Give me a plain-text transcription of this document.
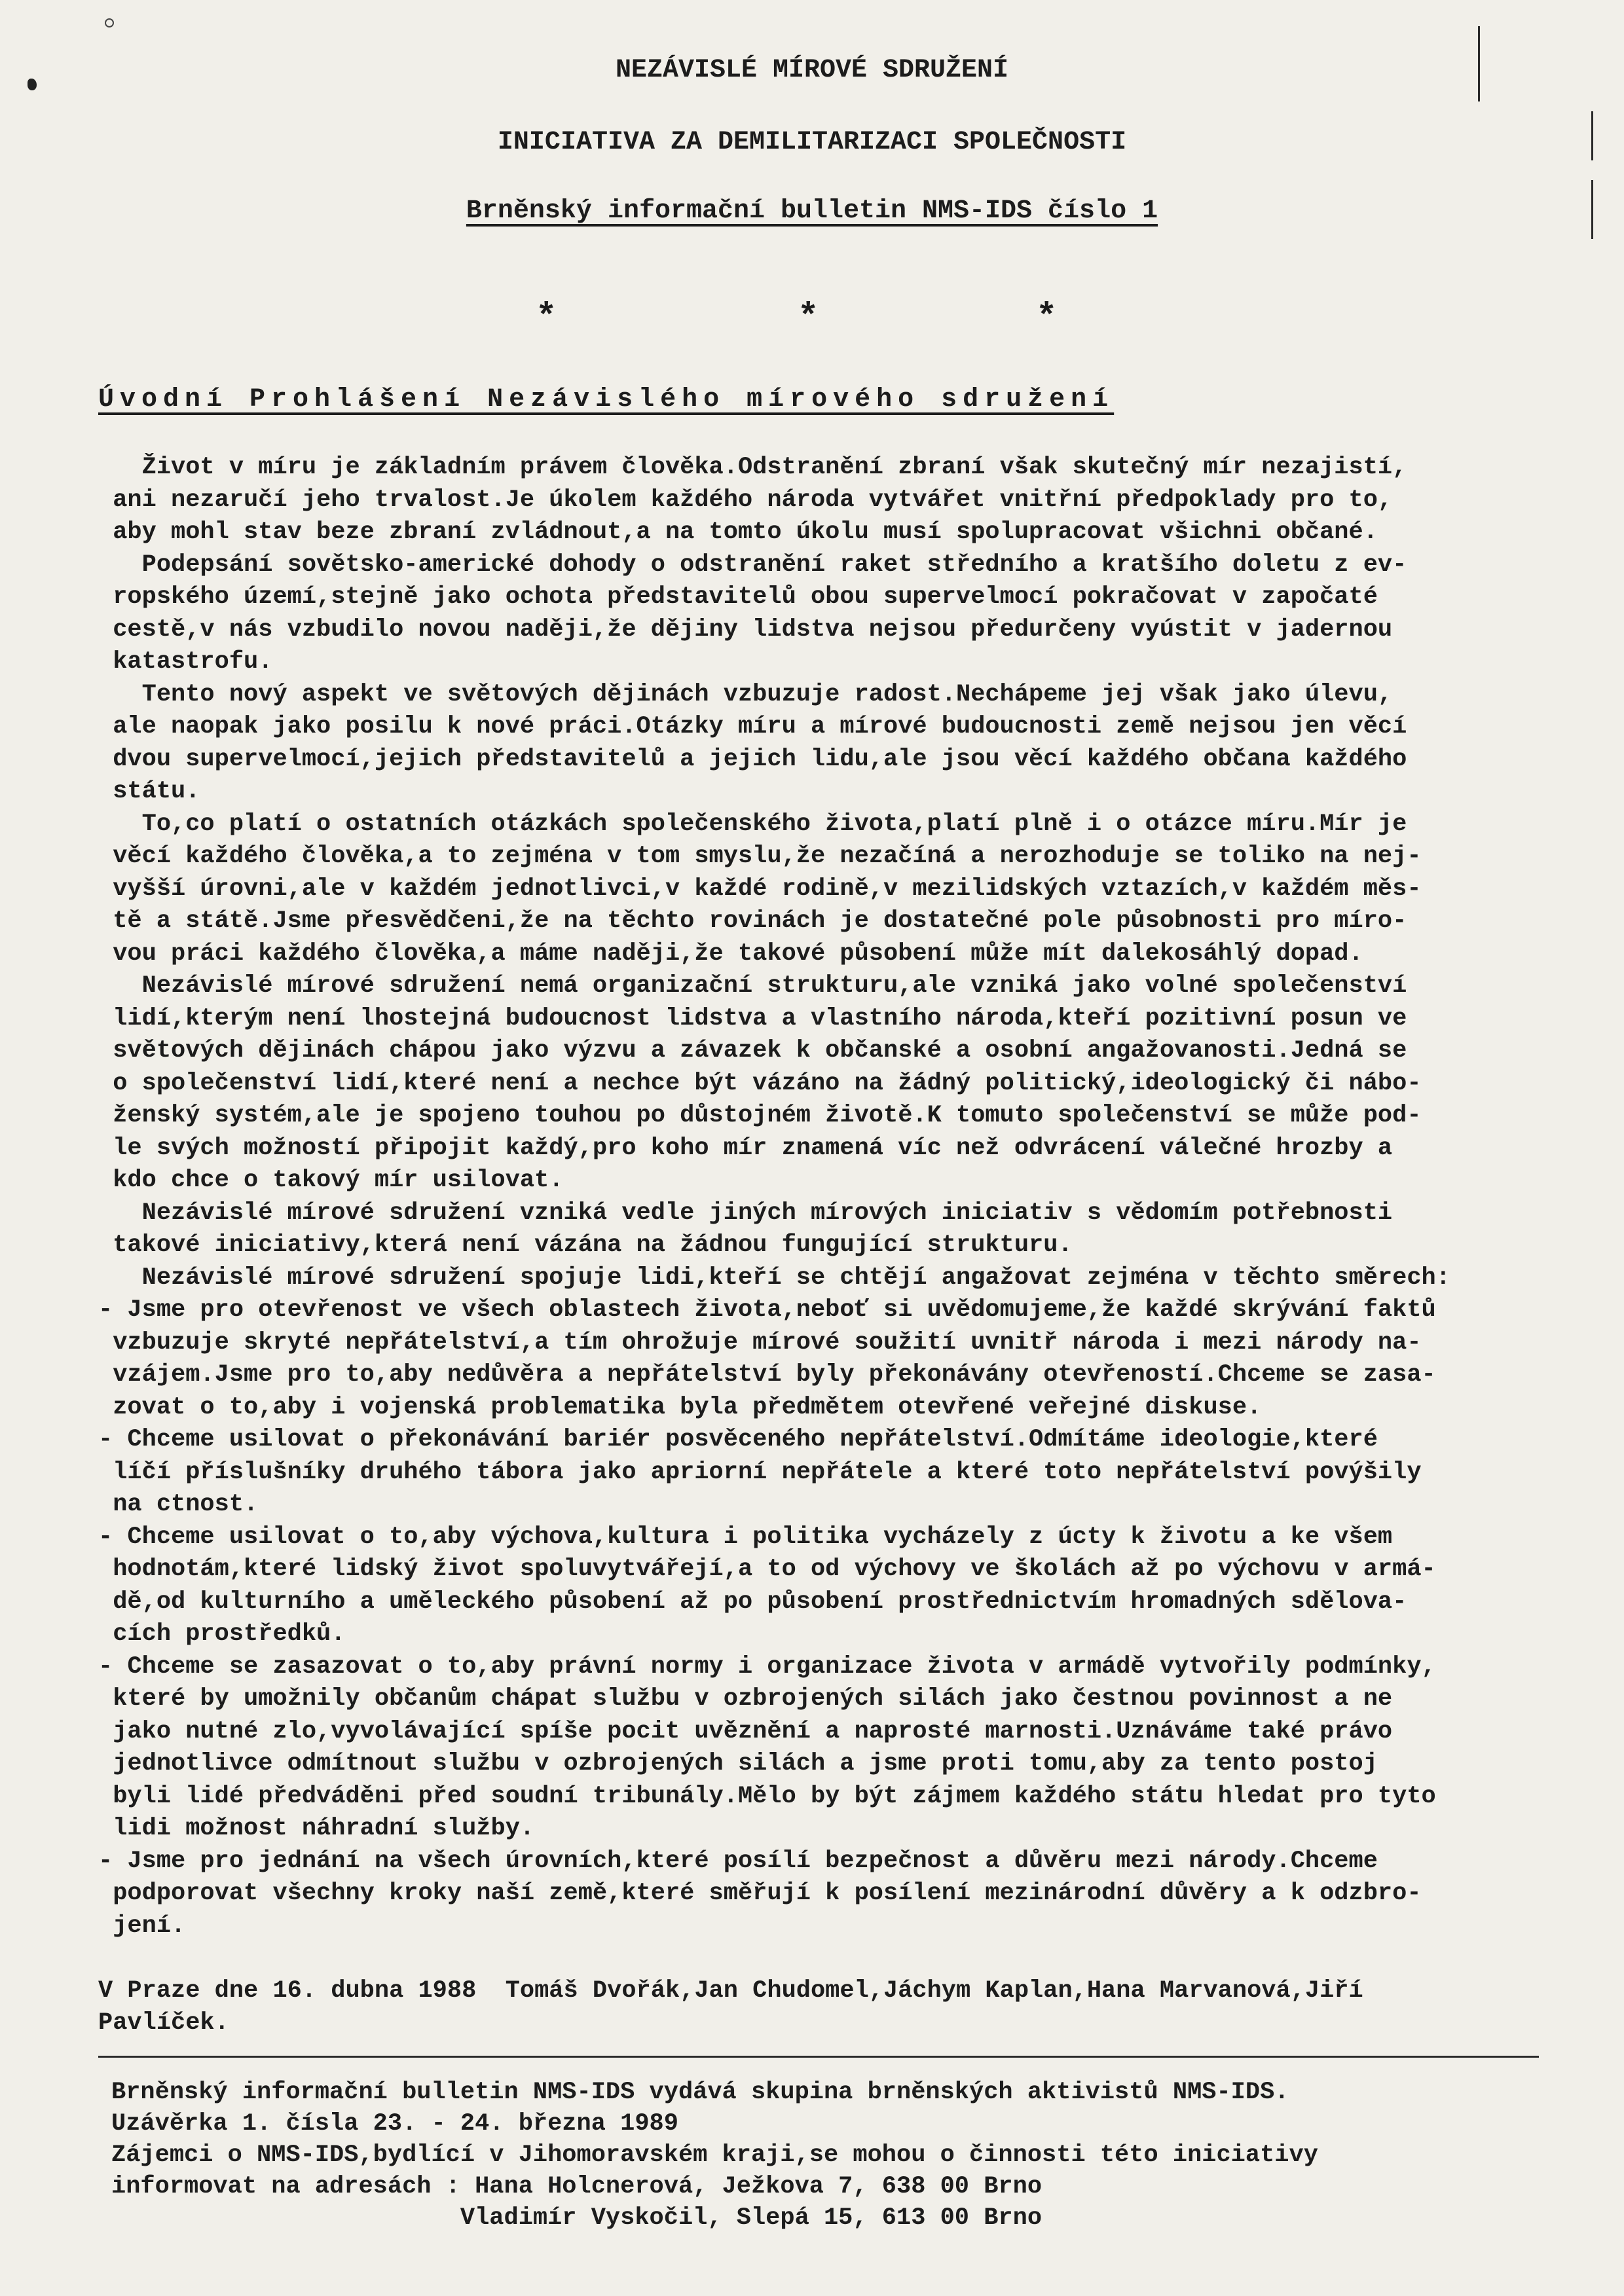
NEZÁVISLÉ MÍROVÉ SDRUŽENÍ
INICIATIVA ZA DEMILITARIZACI SPOLEČNOSTI
Brněnský informační bulletin NMS-IDS číslo 1
*	*	*
Úvodní Prohlášení Nezávislého mírového sdružení
Život v míru je základním právem člověka.Odstranění zbraní však skutečný mír nezajistí,
ani nezaručí jeho trvalost.Je úkolem každého národa vytvářet vnitřní předpoklady pro to,
aby mohl stav beze zbraní zvládnout,a na tomto úkolu musí spolupracovat všichni občané.
Podepsání sovětsko-americké dohody o odstranění raket středního a kratšího doletu z ev-
ropského území,stejně jako ochota představitelů obou supervelmocí pokračovat v započaté
cestě,v nás vzbudilo novou naději,že dějiny lidstva nejsou předurčeny vyústit v jadernou
katastrofu.
Tento nový aspekt ve světových dějinách vzbuzuje radost.Nechápeme jej však jako úlevu,
ale naopak jako posilu k nové práci.Otázky míru a mírové budoucnosti země nejsou jen věcí
dvou supervelmocí,jejich představitelů a jejich lidu,ale jsou věcí každého občana každého
státu.
To,co platí o ostatních otázkách společenského života,platí plně i o otázce míru.Mír je
věcí každého člověka,a to zejména v tom smyslu,že nezačíná a nerozhoduje se toliko na nej-
vyšší úrovni,ale v každém jednotlivci,v každé rodině,v mezilidských vztazích,v každém měs-
tě a státě.Jsme přesvědčeni,že na těchto rovinách je dostatečné pole působnosti pro míro-
vou práci každého člověka,a máme naději,že takové působení může mít dalekosáhlý dopad.
Nezávislé mírové sdružení nemá organizační strukturu,ale vzniká jako volné společenství
lidí,kterým není lhostejná budoucnost lidstva a vlastního národa,kteří pozitivní posun ve
světových dějinách chápou jako výzvu a závazek k občanské a osobní angažovanosti.Jedná se
o společenství lidí,které není a nechce být vázáno na žádný politický,ideologický či nábo-
ženský systém,ale je spojeno touhou po důstojném životě.K tomuto společenství se může pod-
le svých možností připojit každý,pro koho mír znamená víc než odvrácení válečné hrozby a
kdo chce o takový mír usilovat.
Nezávislé mírové sdružení vzniká vedle jiných mírových iniciativ s vědomím potřebnosti
takové iniciativy,která není vázána na žádnou fungující strukturu.
Nezávislé mírové sdružení spojuje lidi,kteří se chtějí angažovat zejména v těchto směrech:
- Jsme pro otevřenost ve všech oblastech života,neboť si uvědomujeme,že každé skrývání faktů
vzbuzuje skryté nepřátelství,a tím ohrožuje mírové soužití uvnitř národa i mezi národy na-
vzájem.Jsme pro to,aby nedůvěra a nepřátelství byly překonávány otevřeností.Chceme se zasa-
zovat o to,aby i vojenská problematika byla předmětem otevřené veřejné diskuse.
- Chceme usilovat o překonávání bariér posvěceného nepřátelství.Odmítáme ideologie,které
líčí příslušníky druhého tábora jako apriorní nepřátele a které toto nepřátelství povýšily
na ctnost.
- Chceme usilovat o to,aby výchova,kultura i politika vycházely z úcty k životu a ke všem
hodnotám,které lidský život spoluvytvářejí,a to od výchovy ve školách až po výchovu v armá-
dě,od kulturního a uměleckého působení až po působení prostřednictvím hromadných sdělova-
cích prostředků.
- Chceme se zasazovat o to,aby právní normy i organizace života v armádě vytvořily podmínky,
které by umožnily občanům chápat službu v ozbrojených silách jako čestnou povinnost a ne
jako nutné zlo,vyvolávající spíše pocit uvěznění a naprosté marnosti.Uznáváme také právo
jednotlivce odmítnout službu v ozbrojených silách a jsme proti tomu,aby za tento postoj
byli lidé předváděni před soudní tribunály.Mělo by být zájmem každého státu hledat pro tyto
lidi možnost náhradní služby.
- Jsme pro jednání na všech úrovních,které posílí bezpečnost a důvěru mezi národy.Chceme
podporovat všechny kroky naší země,které směřují k posílení mezinárodní důvěry a k odzbro-
jení.
V Praze dne 16. dubna 1988  Tomáš Dvořák,Jan Chudomel,Jáchym Kaplan,Hana Marvanová,Jiří
Pavlíček.
Brněnský informační bulletin NMS-IDS vydává skupina brněnských aktivistů NMS-IDS.
Uzávěrka 1. čísla 23. - 24. března 1989
Zájemci o NMS-IDS,bydlící v Jihomoravském kraji,se mohou o činnosti této iniciativy
informovat na adresách : Hana Holcnerová, Ježkova 7, 638 00 Brno
Vladimír Vyskočil, Slepá 15, 613 00 Brno
